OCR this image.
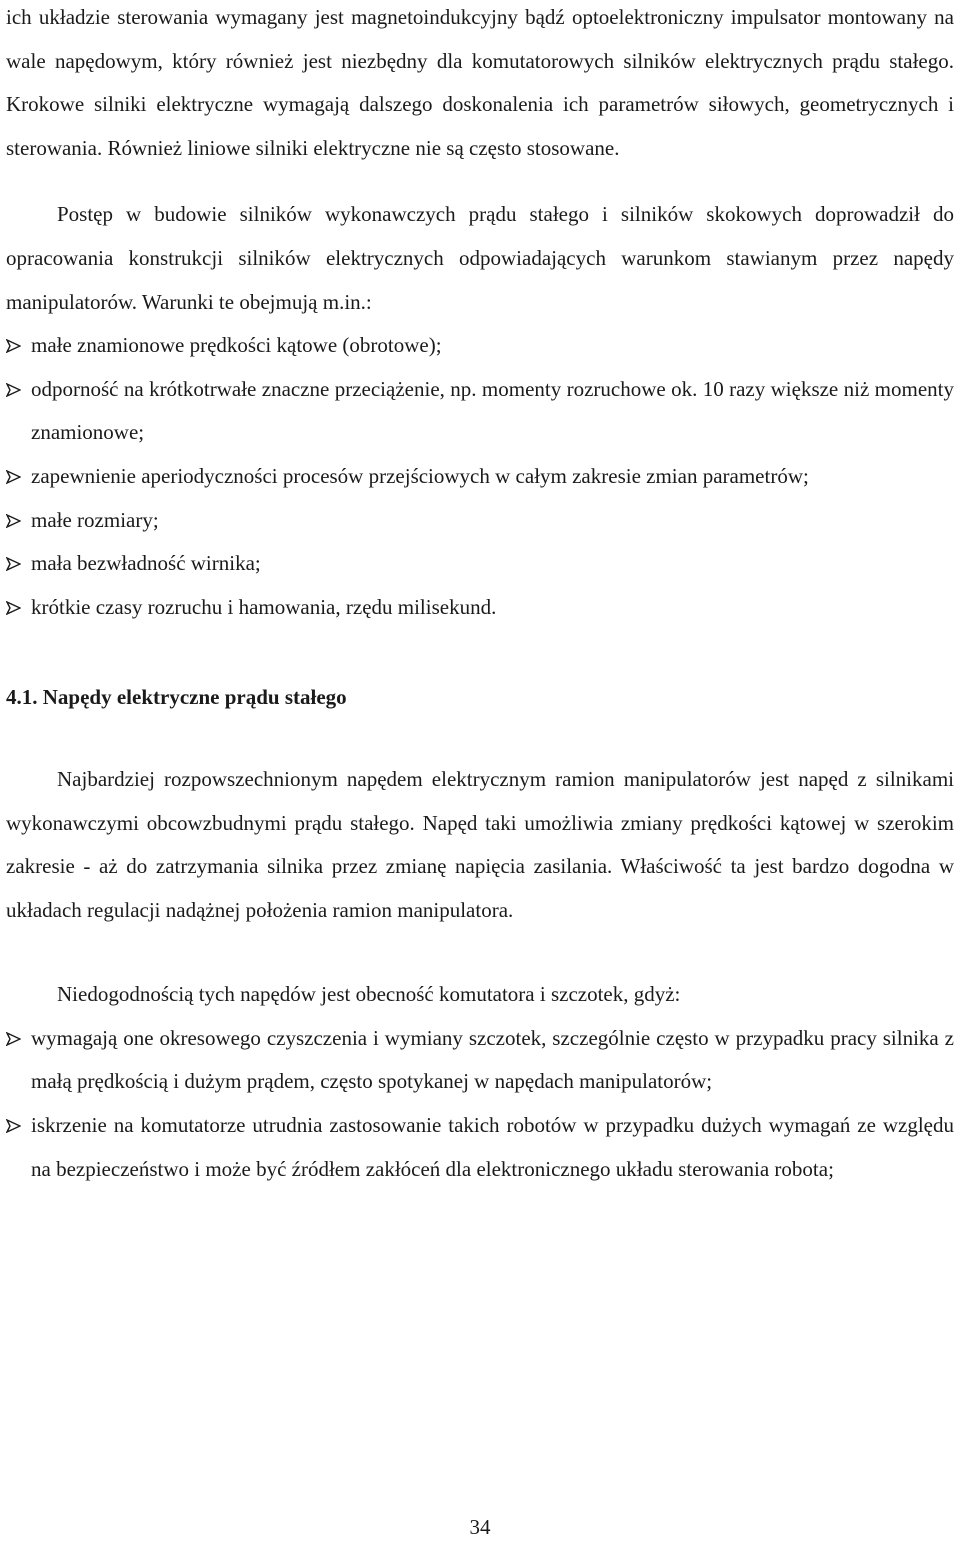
ich układzie sterowania wymagany jest magnetoindukcyjny bądź optoelektroniczny impulsator montowany na wale napędowym, który również jest niezbędny dla komutatorowych silników elektrycznych prądu stałego. Krokowe silniki elektryczne wymagają dalszego doskonalenia ich parametrów siłowych, geometrycznych i sterowania. Również liniowe silniki elektryczne nie są często stosowane.

Postęp w budowie silników wykonawczych prądu stałego i silników skokowych doprowadził do opracowania konstrukcji silników elektrycznych odpowiadających warunkom stawianym przez napędy manipulatorów. Warunki te obejmują m.in.:

małe znamionowe prędkości kątowe (obrotowe);
odporność na krótkotrwałe znaczne przeciążenie, np. momenty rozruchowe ok. 10 razy większe niż momenty znamionowe;
zapewnienie aperiodyczności procesów przejściowych w całym zakresie zmian parametrów;
małe rozmiary;
mała bezwładność wirnika;
krótkie czasy rozruchu i hamowania, rzędu milisekund.
4.1. Napędy elektryczne prądu stałego

Najbardziej rozpowszechnionym napędem elektrycznym ramion manipulatorów jest napęd z silnikami wykonawczymi obcowzbudnymi prądu stałego. Napęd taki umożliwia zmiany prędkości kątowej w szerokim zakresie - aż do zatrzymania silnika przez zmianę napięcia zasilania. Właściwość ta jest bardzo dogodna w układach regulacji nadążnej położenia ramion manipulatora.

Niedogodnością tych napędów jest obecność komutatora i szczotek, gdyż:

wymagają one okresowego czyszczenia i wymiany szczotek, szczególnie często w przypadku pracy silnika z małą prędkością i dużym prądem, często spotykanej w napędach manipulatorów;
iskrzenie na komutatorze utrudnia zastosowanie takich robotów w przypadku dużych wymagań ze względu na bezpieczeństwo i może być źródłem zakłóceń dla elektronicznego układu sterowania robota;
34
